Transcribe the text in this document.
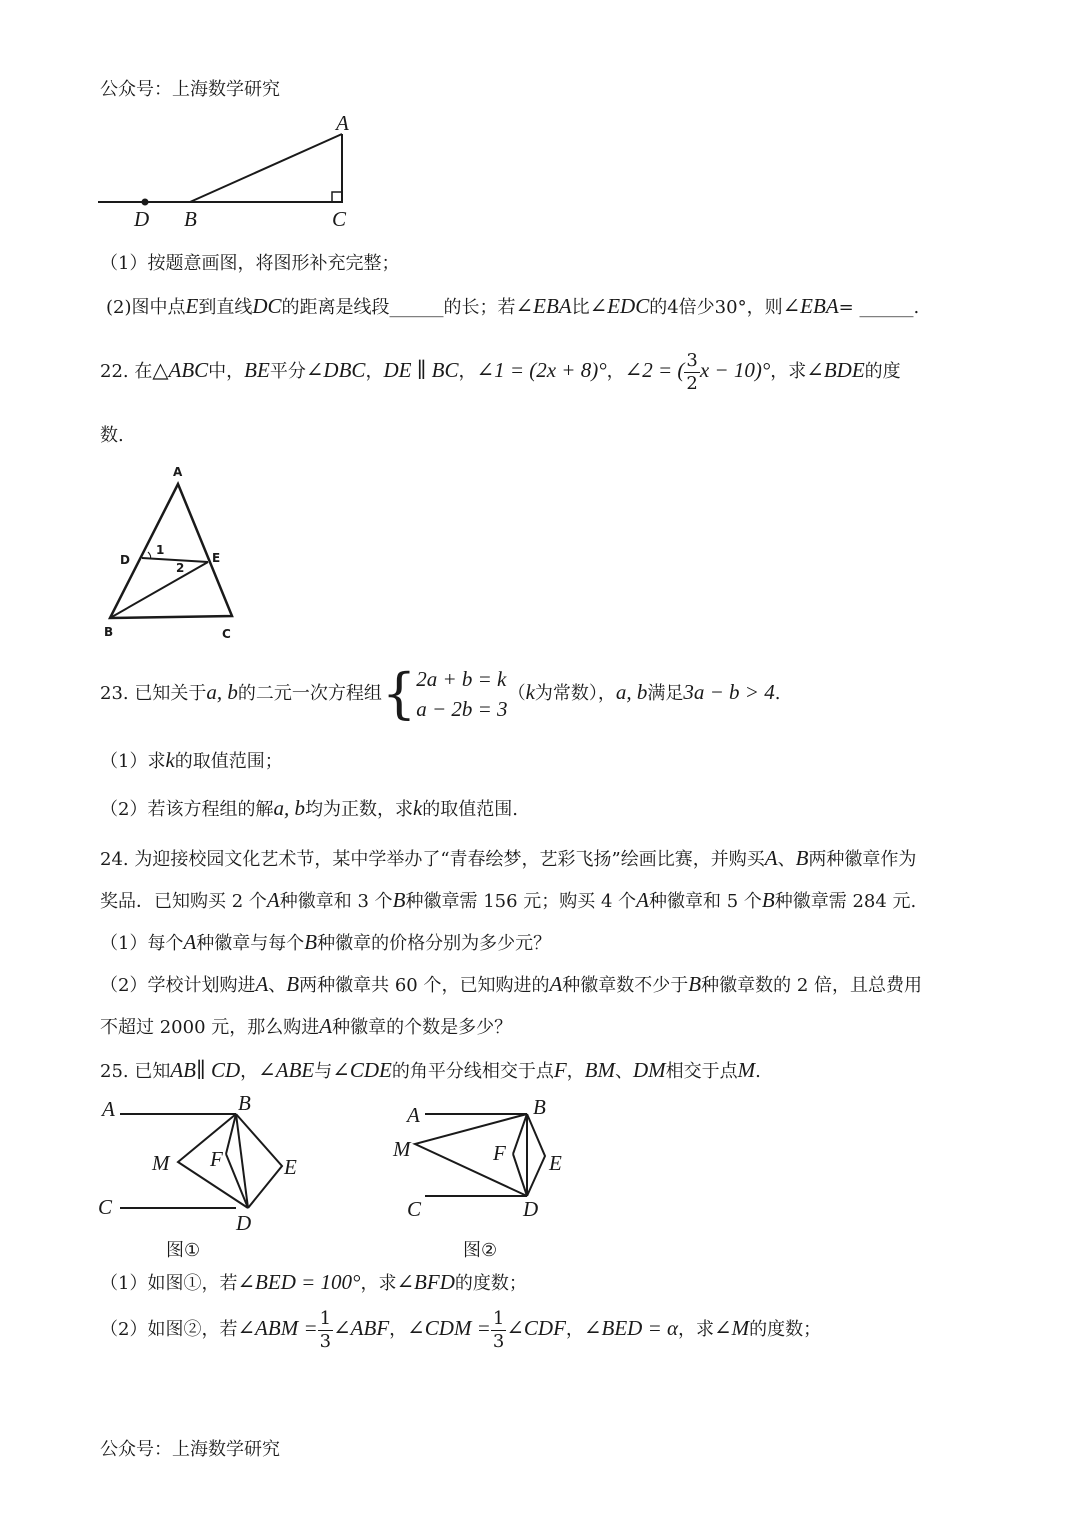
公众号：上海数学研究
A
D B	C
（1）按题意画图，将图形补充完整；
(2)图中点E到直线DC的距离是线段______的长；若∠EBA比∠EDC的4倍少30°，则∠EBA= ______.
22. 在△ABC中，BE平分∠DBC，DE ∥ BC，∠1 = (2x + 8)°，∠2 = ( $\frac{3}{2}$ x − 10)°，求∠BDE的度
数.
A
D	E
B	C
1
2
23. 已知关于a, b的二元一次方程组{ 2a + b = k
a − 2b = 3
（k为常数），a, b满足3a − b > 4.
（1）求k的取值范围；
（2）若该方程组的解a, b均为正数，求k的取值范围.
24. 为迎接校园文化艺术节，某中学举办了“青春绘梦，艺彩飞扬”绘画比赛，并购买A、B两种徽章作为
奖品．已知购买 2 个A种徽章和 3 个B种徽章需 156 元；购买 4 个A种徽章和 5 个B种徽章需 284 元.
（1）每个A种徽章与每个B种徽章的价格分别为多少元？
（2）学校计划购进A、B两种徽章共 60 个，已知购进的A种徽章数不少于B种徽章数的 2 倍，且总费用
不超过 2000 元，那么购进A种徽章的个数是多少？
25. 已知AB∥ CD，∠ABE与∠CDE的角平分线相交于点F，BM、DM相交于点M.
A	B
M F	E
C
D
图①
A	B
M	F E
C	D
图②
（1）如图①，若∠BED = 100°，求∠BFD的度数；
（2）如图②，若∠ABM = $\frac{1}{3}$ ∠ABF，∠CDM = $\frac{1}{3}$ ∠CDF，∠BED = α，求∠M的度数；
公众号：上海数学研究
